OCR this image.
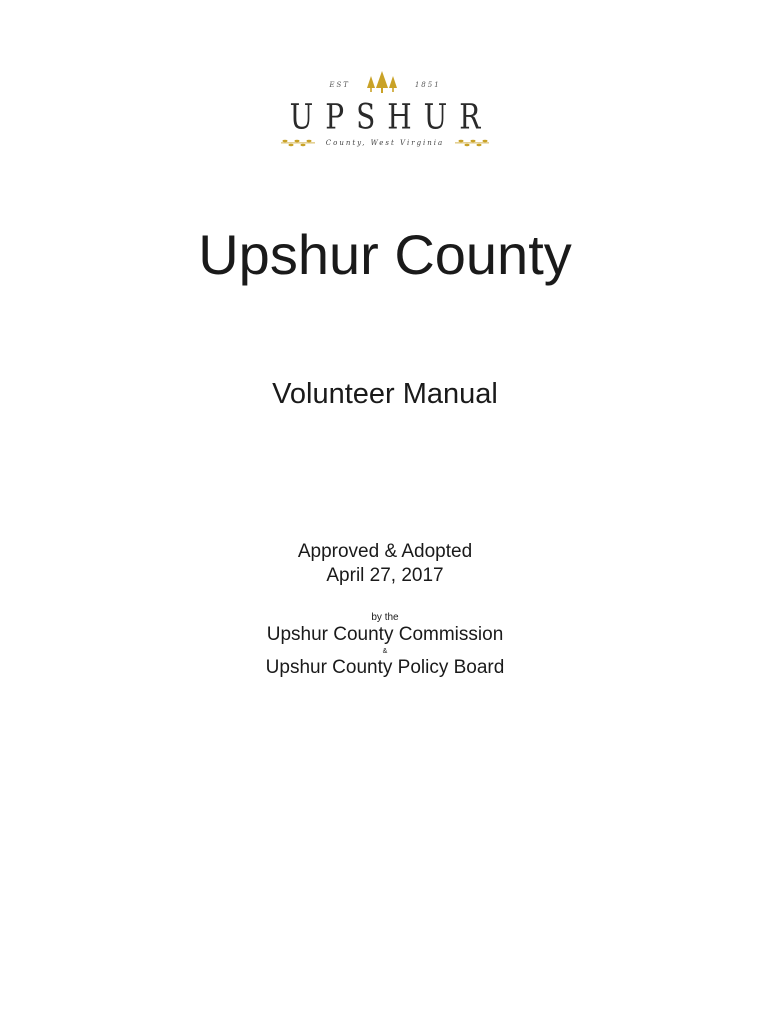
EST	1851
UPSHUR
County, West Virginia
Upshur County
Volunteer Manual
Approved & Adopted
April 27, 2017
by the
Upshur County Commission
&
Upshur County Policy Board
